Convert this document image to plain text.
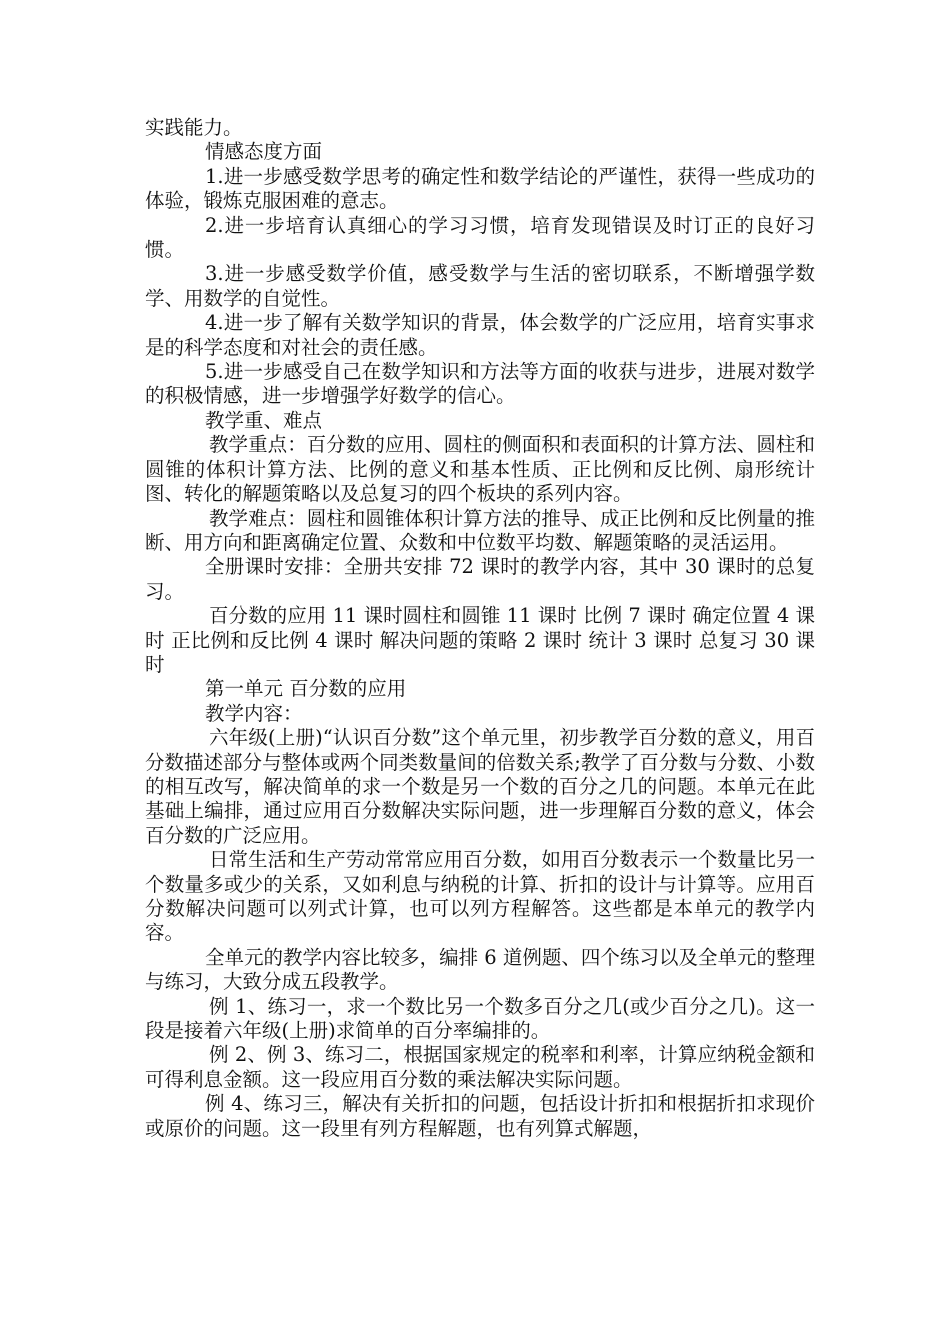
实践能力。

情感态度方面

1.进一步感受数学思考的确定性和数学结论的严谨性，获得一些成功的体验，锻炼克服困难的意志。

2.进一步培育认真细心的学习习惯，培育发现错误及时订正的良好习惯。

3.进一步感受数学价值，感受数学与生活的密切联系，不断增强学数学、用数学的自觉性。

4.进一步了解有关数学知识的背景，体会数学的广泛应用，培育实事求是的科学态度和对社会的责任感。

5.进一步感受自己在数学知识和方法等方面的收获与进步，进展对数学的积极情感，进一步增强学好数学的信心。

教学重、难点

教学重点：百分数的应用、圆柱的侧面积和表面积的计算方法、圆柱和圆锥的体积计算方法、比例的意义和基本性质、正比例和反比例、扇形统计图、转化的解题策略以及总复习的四个板块的系列内容。

教学难点：圆柱和圆锥体积计算方法的推导、成正比例和反比例量的推断、用方向和距离确定位置、众数和中位数平均数、解题策略的灵活运用。

全册课时安排：全册共安排 72 课时的教学内容，其中 30 课时的总复习。

百分数的应用 11 课时圆柱和圆锥 11 课时 比例 7 课时 确定位置 4 课时 正比例和反比例 4 课时 解决问题的策略 2 课时 统计 3 课时 总复习 30 课时

第一单元 百分数的应用

教学内容：

六年级(上册)“认识百分数”这个单元里，初步教学百分数的意义，用百分数描述部分与整体或两个同类数量间的倍数关系;教学了百分数与分数、小数的相互改写，解决简单的求一个数是另一个数的百分之几的问题。本单元在此基础上编排，通过应用百分数解决实际问题，进一步理解百分数的意义，体会百分数的广泛应用。

日常生活和生产劳动常常应用百分数，如用百分数表示一个数量比另一个数量多或少的关系，又如利息与纳税的计算、折扣的设计与计算等。应用百分数解决问题可以列式计算，也可以列方程解答。这些都是本单元的教学内容。

全单元的教学内容比较多，编排 6 道例题、四个练习以及全单元的整理与练习，大致分成五段教学。

例 1、练习一，求一个数比另一个数多百分之几(或少百分之几)。这一段是接着六年级(上册)求简单的百分率编排的。

例 2、例 3、练习二，根据国家规定的税率和利率，计算应纳税金额和可得利息金额。这一段应用百分数的乘法解决实际问题。

例 4、练习三，解决有关折扣的问题，包括设计折扣和根据折扣求现价或原价的问题。这一段里有列方程解题，也有列算式解题，
